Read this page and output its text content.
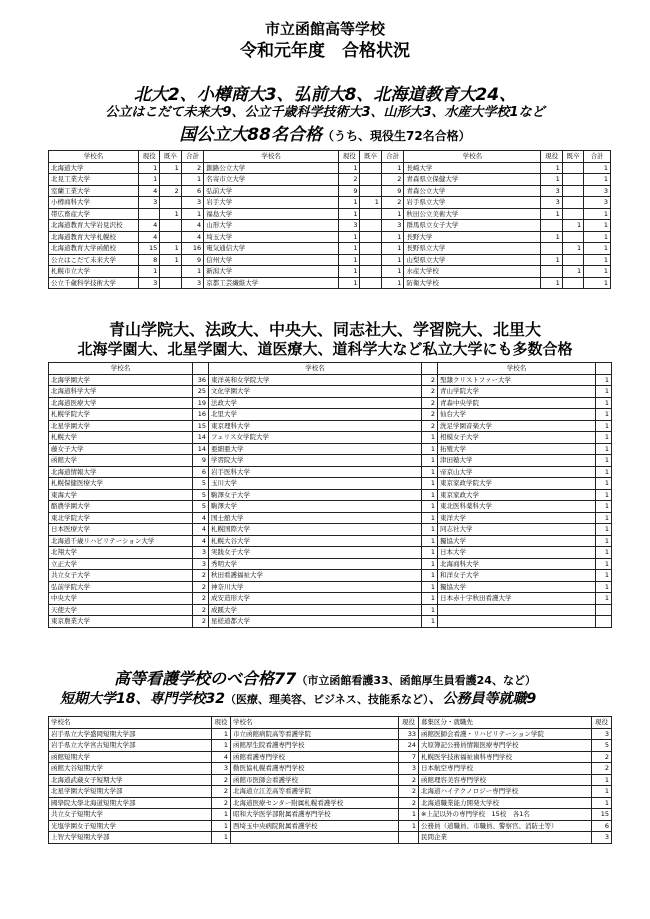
市立函館高等学校
令和元年度　合格状況
北大2、小樽商大3、弘前大8、北海道教育大24、
公立はこだて未来大9、公立千歳科学技術大3、山形大3、水産大学校1など
国公立大88名合格（うち、現役生72名合格）
学校名	現役	既卒	合計	学校名	現役	既卒	合計	学校名	現役	既卒	合計
北海道大学	1	1	2	釧路公立大学	1		1	長崎大学	1		1
北見工業大学	1		1	名寄市立大学	2		2	青森県立保健大学	1		1
室蘭工業大学	4	2	6	弘前大学	9		9	青森公立大学	3		3
小樽商科大学	3		3	岩手大学	1	1	2	岩手県立大学	3		3
帯広畜産大学		1	1	福島大学	1		1	秋田公立美術大学	1		1
北海道教育大学岩見沢校	4		4	山形大学	3		3	群馬県立女子大学		1	1
北海道教育大学札幌校	4		4	埼玉大学	1		1	長野大学	1		1
北海道教育大学函館校	15	1	16	電気通信大学	1		1	長野県立大学		1	1
公立はこだて未来大学	8	1	9	信州大学	1		1	山梨県立大学	1		1
札幌市立大学	1		1	新潟大学	1		1	水産大学校		1	1
公立千歳科学技術大学	3		3	京都工芸繊維大学	1		1	防衛大学校	1		1
青山学院大、法政大、中央大、同志社大、学習院大、北里大
北海学園大、北星学園大、道医療大、道科学大など私立大学にも多数合格
学校名		学校名		学校名	
北海学園大学	36	東洋英和女学院大学	2	聖隷クリストファー大学	1
北海道科学大学	25	文化学園大学	2	青山学院大学	1
北海道医療大学	19	法政大学	2	青森中央学院	1
札幌学院大学	16	北里大学	2	仙台大学	1
北星学園大学	15	東京理科大学	2	洗足学園音楽大学	1
札幌大学	14	フェリス女学院大学	1	相模女子大学	1
藤女子大学	14	亜細亜大学	1	拓殖大学	1
函館大学	9	学習院大学	1	津田塾大学	1
北海道情報大学	6	岩手医科大学	1	帝京山大学	1
札幌保健医療大学	5	玉川大学	1	東京家政学院大学	1
東海大学	5	駒澤女子大学	1	東京家政大学	1
酪農学園大学	5	駒澤大学	1	東北医科薬科大学	1
東北学院大学	4	国士舘大学	1	東洋大学	1
日本医療大学	4	札幌国際大学	1	同志社大学	1
北海道千歳リハビリテーション大学	4	札幌大谷大学	1	獨協大学	1
北翔大学	3	実践女子大学	1	日本大学	1
立正大学	3	秀明大学	1	北海商科大学	1
共立女子大学	2	秋田看護福祉大学	1	和洋女子大学	1
弘前学院大学	2	神奈川大学	1	獨協大学	1
中央大学	2	成安造形大学	1	日本赤十字秋田看護大学	1
天使大学	2	成蹊大学	1		
東京農業大学	2	星槎道都大学	1		
高等看護学校のべ合格77（市立函館看護33、函館厚生員看護24、など）
短期大学18、専門学校32（医療、理美容、ビジネス、技能系など）、公務員等就職9
学校名	現役	学校名	現役	募集区分・就職先	現役
岩手県立大学盛岡短期大学部	1	市立函館病院高等看護学院	33	函館医師会看護・リハビリテーション学院	3
岩手県立大学宮古短期大学部	1	函館厚生院看護専門学校	24	大原簿記公務員情報医療専門学校	5
函館短期大学	4	函館看護専門学校	7	札幌医学技術福祉歯科専門学校	2
函館大谷短期大学	3	勤医協札幌看護専門学校	3	日本航空専門学校	2
北海道武蔵女子短期大学	2	函館市医師会看護学校	2	函館理容美容専門学校	1
北星学園大学短期大学部	2	北海道立江差高等看護学院	2	北海道ハイテクノロジー専門学校	1
國學院大學北海道短期大学部	2	北海道医療センター附属札幌看護学校	2	北海道職業能力開発大学校	1
共立女子短期大学	1	昭和大学医学部附属看護専門学校	1	※上記以外の専門学校　15校　各1名	15
光塩学園女子短期大学	1	西埼玉中央病院附属看護学校	1	公務員（道職員、市職員、警察官、消防士等）	6
上智大学短期大学部	1			民間企業	3
